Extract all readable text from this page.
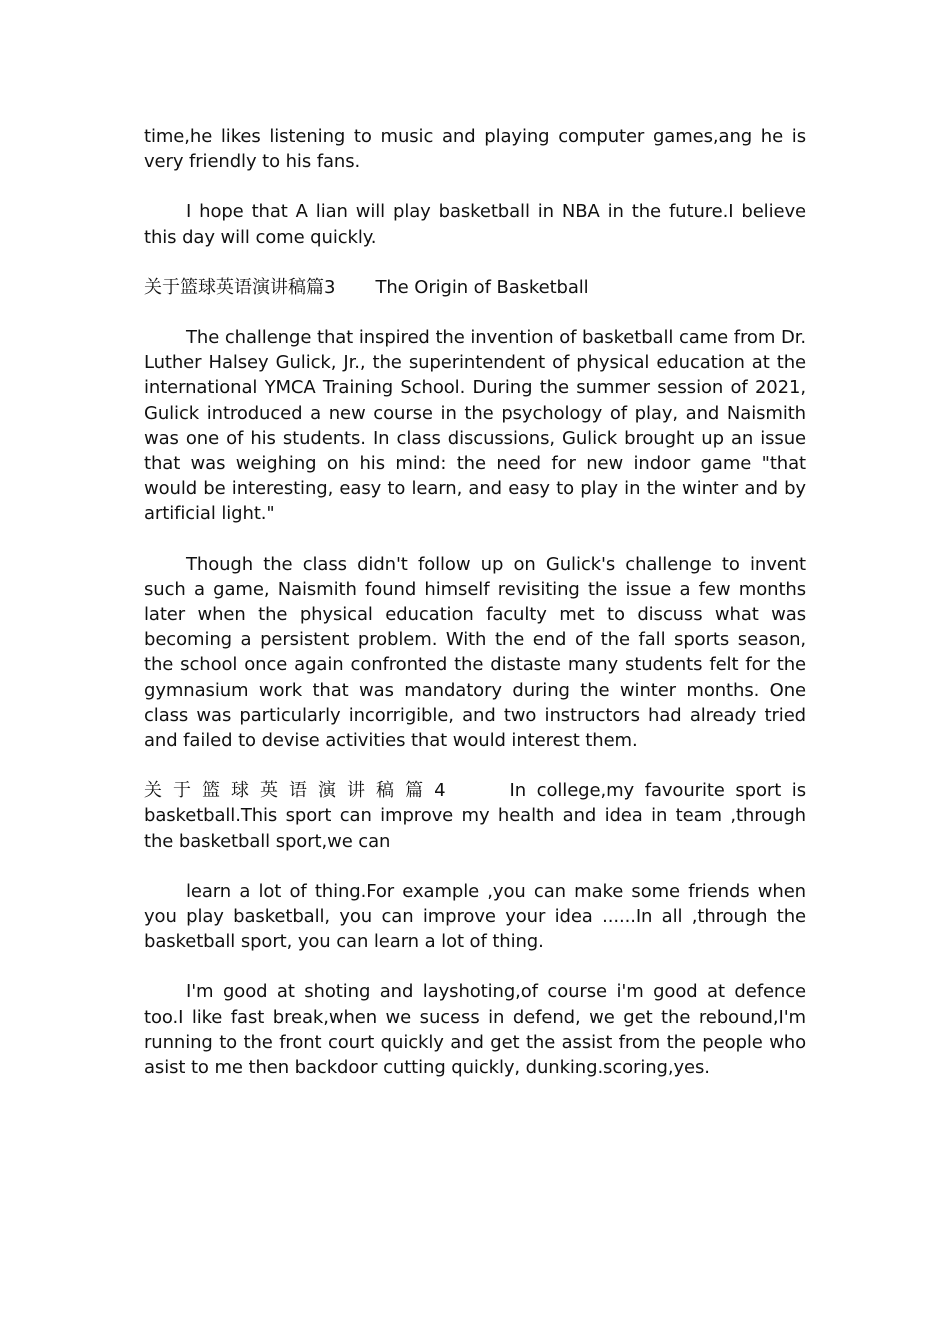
time,he likes listening to music and playing computer games,ang he is very friendly to his fans.

I hope that A lian will play basketball in NBA in the future.I believe this day will come quickly.

关于篮球英语演讲稿篇3 The Origin of Basketball

The challenge that inspired the invention of basketball came from Dr. Luther Halsey Gulick, Jr., the superintendent of physical education at the international YMCA Training School. During the summer session of 2021, Gulick introduced a new course in the psychology of play, and Naismith was one of his students. In class discussions, Gulick brought up an issue that was weighing on his mind: the need for new indoor game "that would be interesting, easy to learn, and easy to play in the winter and by artificial light."

Though the class didn't follow up on Gulick's challenge to invent such a game, Naismith found himself revisiting the issue a few months later when the physical education faculty met to discuss what was becoming a persistent problem. With the end of the fall sports season, the school once again confronted the distaste many students felt for the gymnasium work that was mandatory during the winter months. One class was particularly incorrigible, and two instructors had already tried and failed to devise activities that would interest them.

关于篮球英语演讲稿篇4	In college,my favourite sport is basketball.This sport can improve my health and idea in team ,through the basketball sport,we can

learn a lot of thing.For example ,you can make some friends when you play basketball, you can improve your idea ......In all ,through the basketball sport, you can learn a lot of thing.

I'm good at shoting and layshoting,of course i'm good at defence too.I like fast break,when we sucess in defend, we get the rebound,I'm running to the front court quickly and get the assist from the people who asist to me then backdoor cutting quickly, dunking.scoring,yes.
